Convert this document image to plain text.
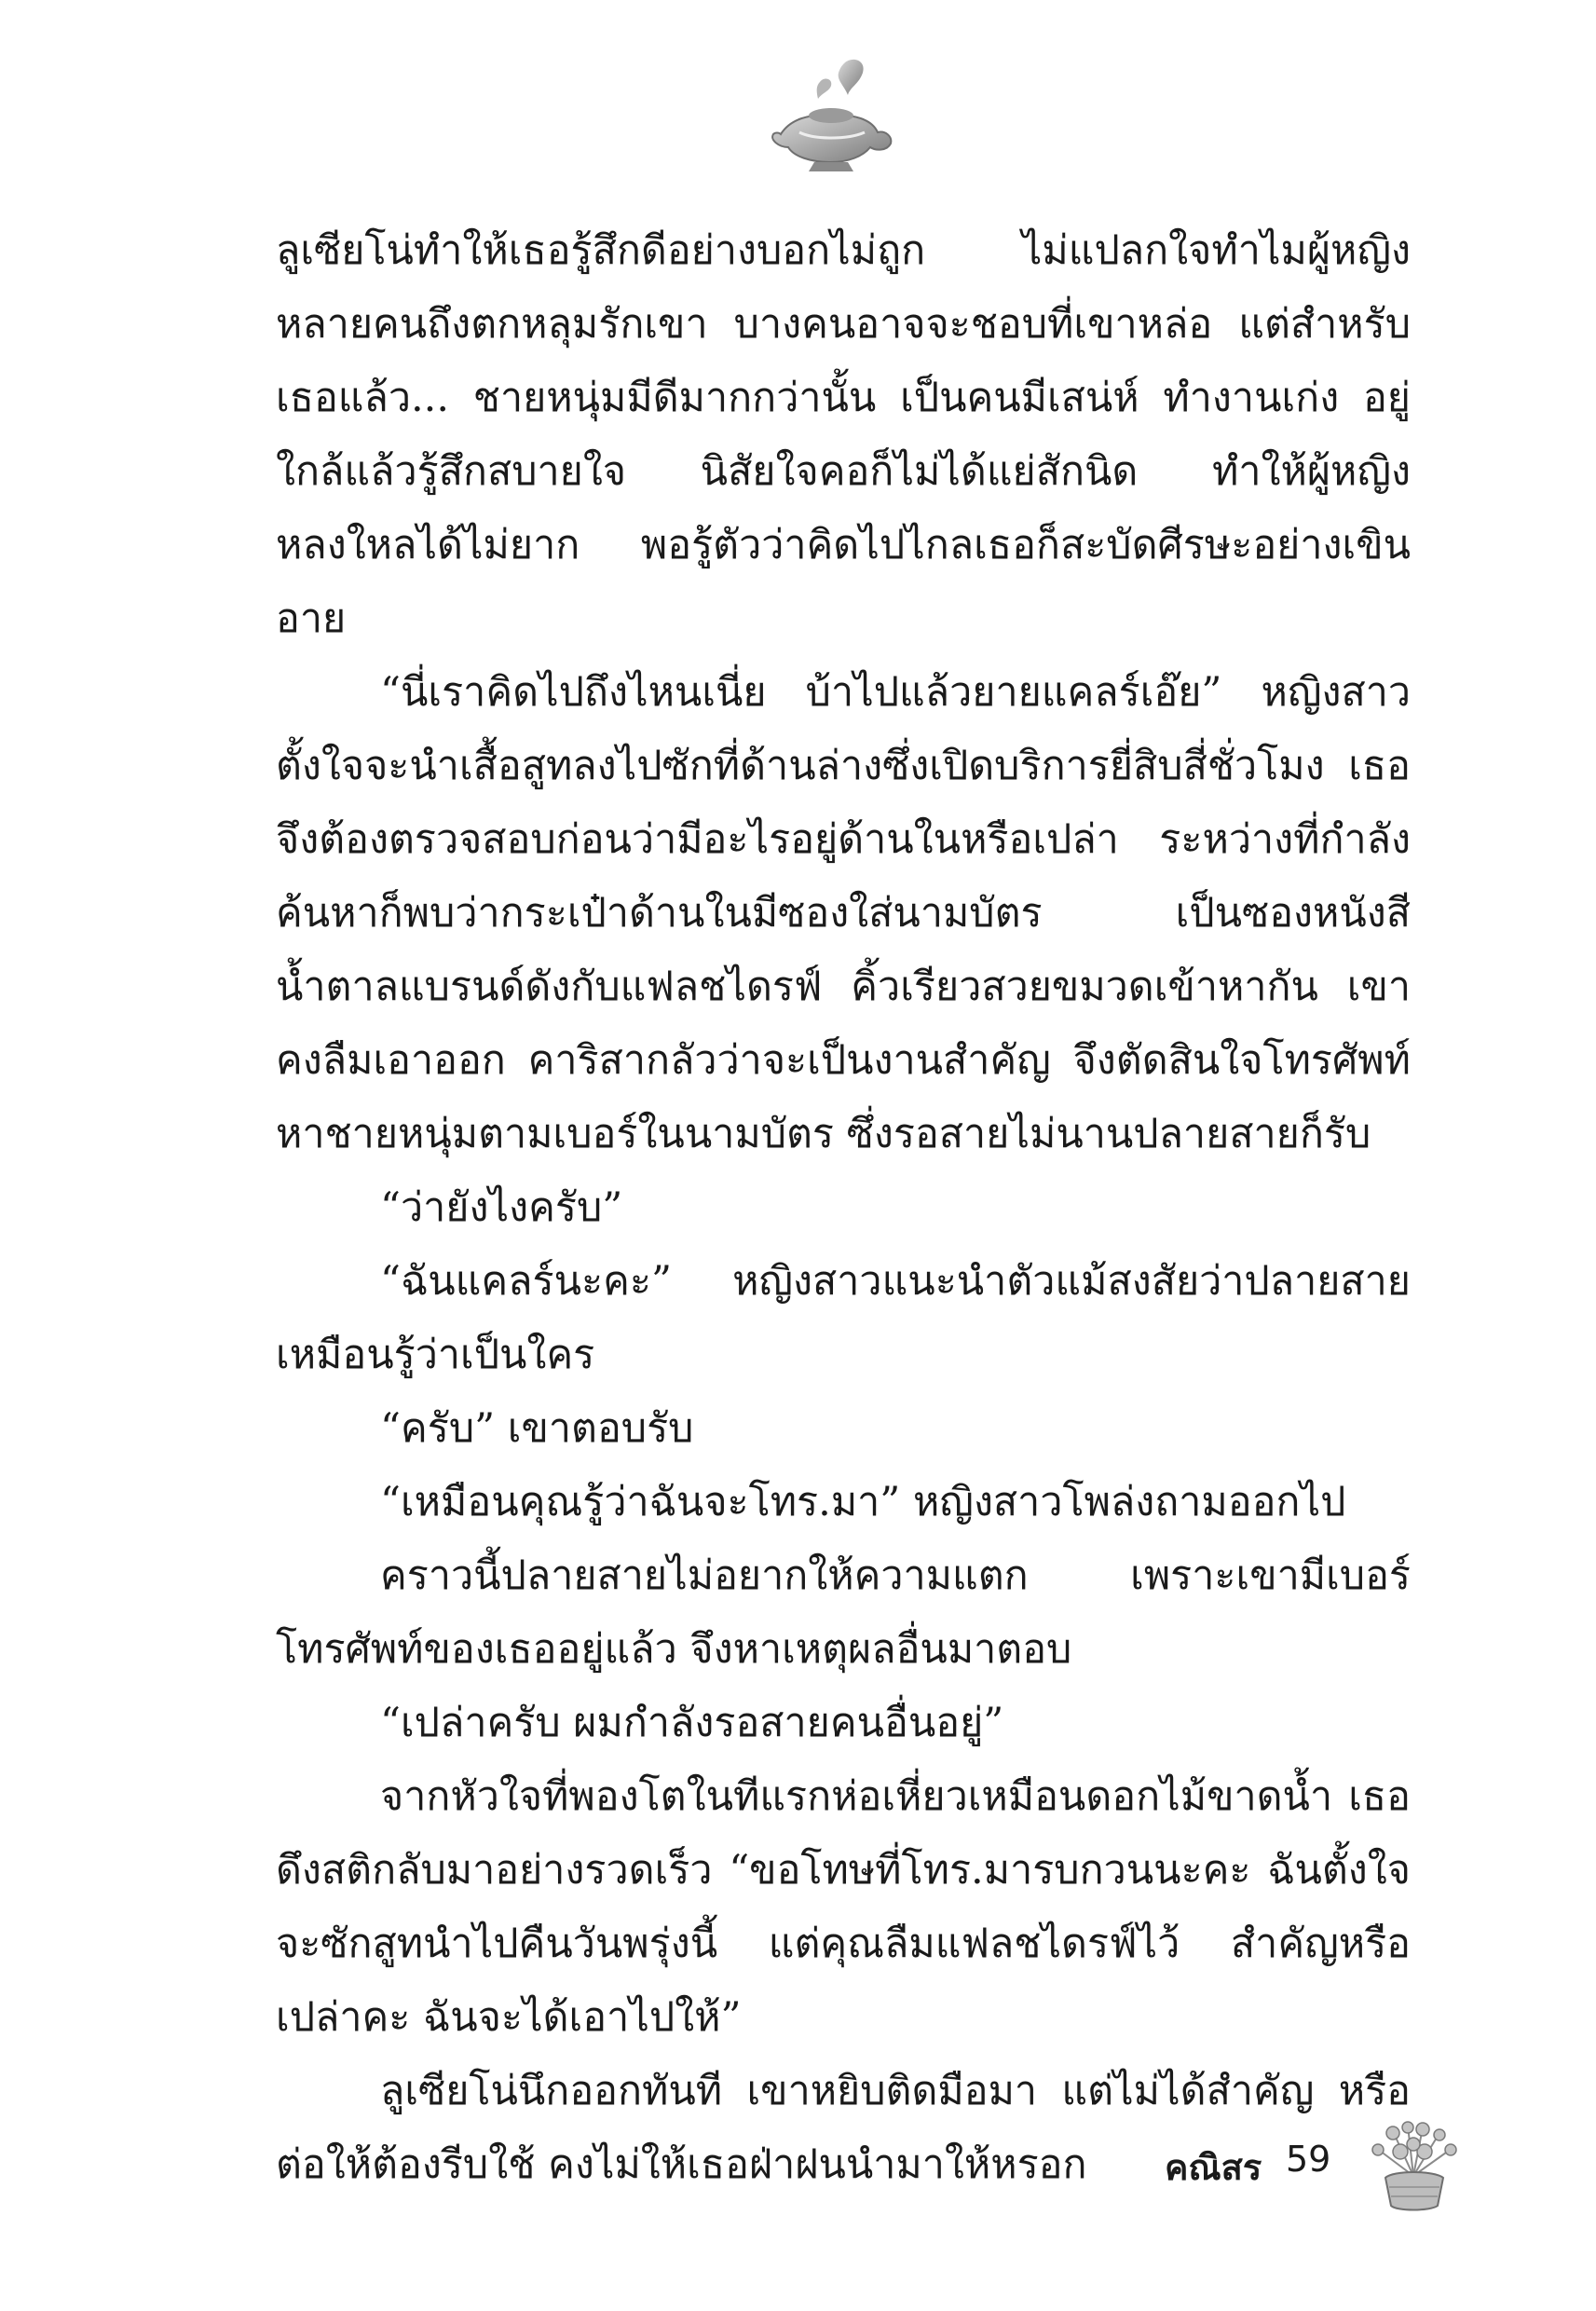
ลูเซียโน่ทำให้เธอรู้สึกดีอย่างบอกไม่ถูก ไม่แปลกใจทำไมผู้หญิงหลายคนถึงตกหลุมรักเขา บางคนอาจจะชอบที่เขาหล่อ แต่สำหรับเธอแล้ว... ชายหนุ่มมีดีมากกว่านั้น เป็นคนมีเสน่ห์ ทำงานเก่ง อยู่ใกล้แล้วรู้สึกสบายใจ นิสัยใจคอก็ไม่ได้แย่สักนิด ทำให้ผู้หญิงหลงใหลได้ไม่ยาก พอรู้ตัวว่าคิดไปไกลเธอก็สะบัดศีรษะอย่างเขินอาย

“นี่เราคิดไปถึงไหนเนี่ย บ้าไปแล้วยายแคลร์เอ๊ย” หญิงสาวตั้งใจจะนำเสื้อสูทลงไปซักที่ด้านล่างซึ่งเปิดบริการยี่สิบสี่ชั่วโมง เธอจึงต้องตรวจสอบก่อนว่ามีอะไรอยู่ด้านในหรือเปล่า ระหว่างที่กำลังค้นหาก็พบว่ากระเป๋าด้านในมีซองใส่นามบัตร เป็นซองหนังสีน้ำตาลแบรนด์ดังกับแฟลชไดรฟ์ คิ้วเรียวสวยขมวดเข้าหากัน เขาคงลืมเอาออก คาริสากลัวว่าจะเป็นงานสำคัญ จึงตัดสินใจโทรศัพท์หาชายหนุ่มตามเบอร์ในนามบัตร ซึ่งรอสายไม่นานปลายสายก็รับ

“ว่ายังไงครับ”

“ฉันแคลร์นะคะ” หญิงสาวแนะนำตัวแม้สงสัยว่าปลายสายเหมือนรู้ว่าเป็นใคร

“ครับ” เขาตอบรับ

“เหมือนคุณรู้ว่าฉันจะโทร.มา” หญิงสาวโพล่งถามออกไป

คราวนี้ปลายสายไม่อยากให้ความแตก เพราะเขามีเบอร์โทรศัพท์ของเธออยู่แล้ว จึงหาเหตุผลอื่นมาตอบ

“เปล่าครับ ผมกำลังรอสายคนอื่นอยู่”

จากหัวใจที่พองโตในทีแรกห่อเหี่ยวเหมือนดอกไม้ขาดน้ำ เธอดึงสติกลับมาอย่างรวดเร็ว “ขอโทษที่โทร.มารบกวนนะคะ ฉันตั้งใจจะซักสูทนำไปคืนวันพรุ่งนี้ แต่คุณลืมแฟลชไดรฟ์ไว้ สำคัญหรือเปล่าคะ ฉันจะได้เอาไปให้”

ลูเซียโน่นึกออกทันที เขาหยิบติดมือมา แต่ไม่ได้สำคัญ หรือต่อให้ต้องรีบใช้ คงไม่ให้เธอฝ่าฝนนำมาให้หรอก	คณิสร 59
